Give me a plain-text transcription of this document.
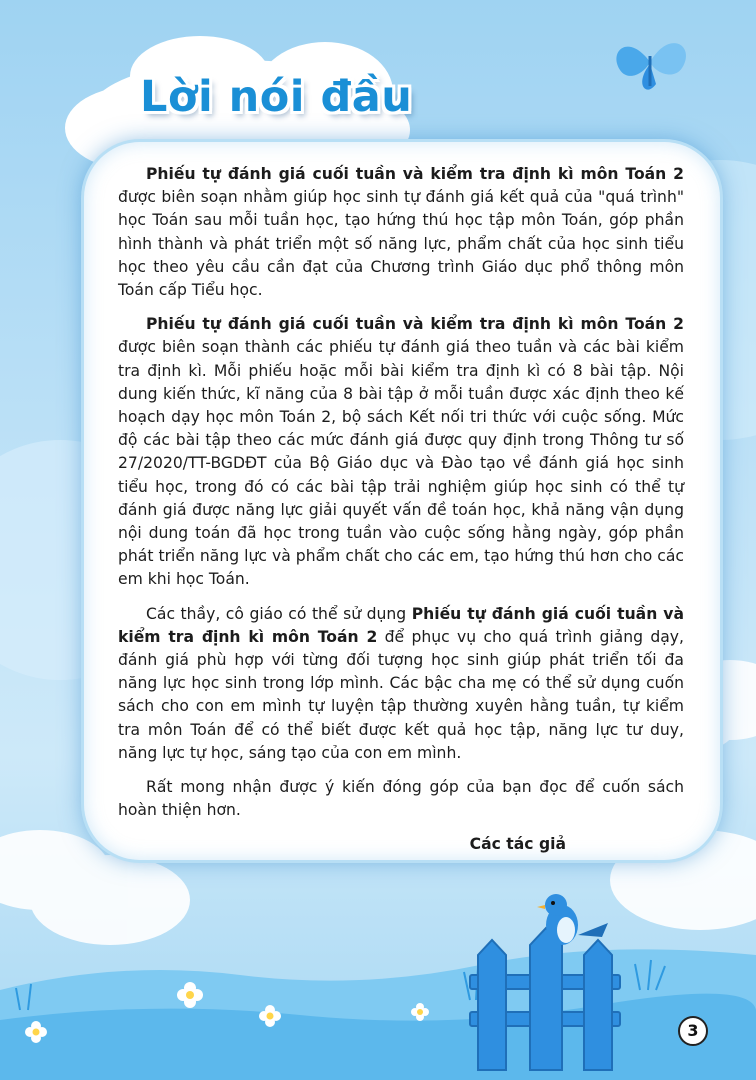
Lời nói đầu

Phiếu tự đánh giá cuối tuần và kiểm tra định kì môn Toán 2 được biên soạn nhằm giúp học sinh tự đánh giá kết quả của "quá trình" học Toán sau mỗi tuần học, tạo hứng thú học tập môn Toán, góp phần hình thành và phát triển một số năng lực, phẩm chất của học sinh tiểu học theo yêu cầu cần đạt của Chương trình Giáo dục phổ thông môn Toán cấp Tiểu học.

Phiếu tự đánh giá cuối tuần và kiểm tra định kì môn Toán 2 được biên soạn thành các phiếu tự đánh giá theo tuần và các bài kiểm tra định kì. Mỗi phiếu hoặc mỗi bài kiểm tra định kì có 8 bài tập. Nội dung kiến thức, kĩ năng của 8 bài tập ở mỗi tuần được xác định theo kế hoạch dạy học môn Toán 2, bộ sách Kết nối tri thức với cuộc sống. Mức độ các bài tập theo các mức đánh giá được quy định trong Thông tư số 27/2020/TT-BGDĐT của Bộ Giáo dục và Đào tạo về đánh giá học sinh tiểu học, trong đó có các bài tập trải nghiệm giúp học sinh có thể tự đánh giá được năng lực giải quyết vấn đề toán học, khả năng vận dụng nội dung toán đã học trong tuần vào cuộc sống hằng ngày, góp phần phát triển năng lực và phẩm chất cho các em, tạo hứng thú hơn cho các em khi học Toán.

Các thầy, cô giáo có thể sử dụng Phiếu tự đánh giá cuối tuần và kiểm tra định kì môn Toán 2 để phục vụ cho quá trình giảng dạy, đánh giá phù hợp với từng đối tượng học sinh giúp phát triển tối đa năng lực học sinh trong lớp mình. Các bậc cha mẹ có thể sử dụng cuốn sách cho con em mình tự luyện tập thường xuyên hằng tuần, tự kiểm tra môn Toán để có thể biết được kết quả học tập, năng lực tư duy, năng lực tự học, sáng tạo của con em mình.

Rất mong nhận được ý kiến đóng góp của bạn đọc để cuốn sách hoàn thiện hơn.

Các tác giả

3
